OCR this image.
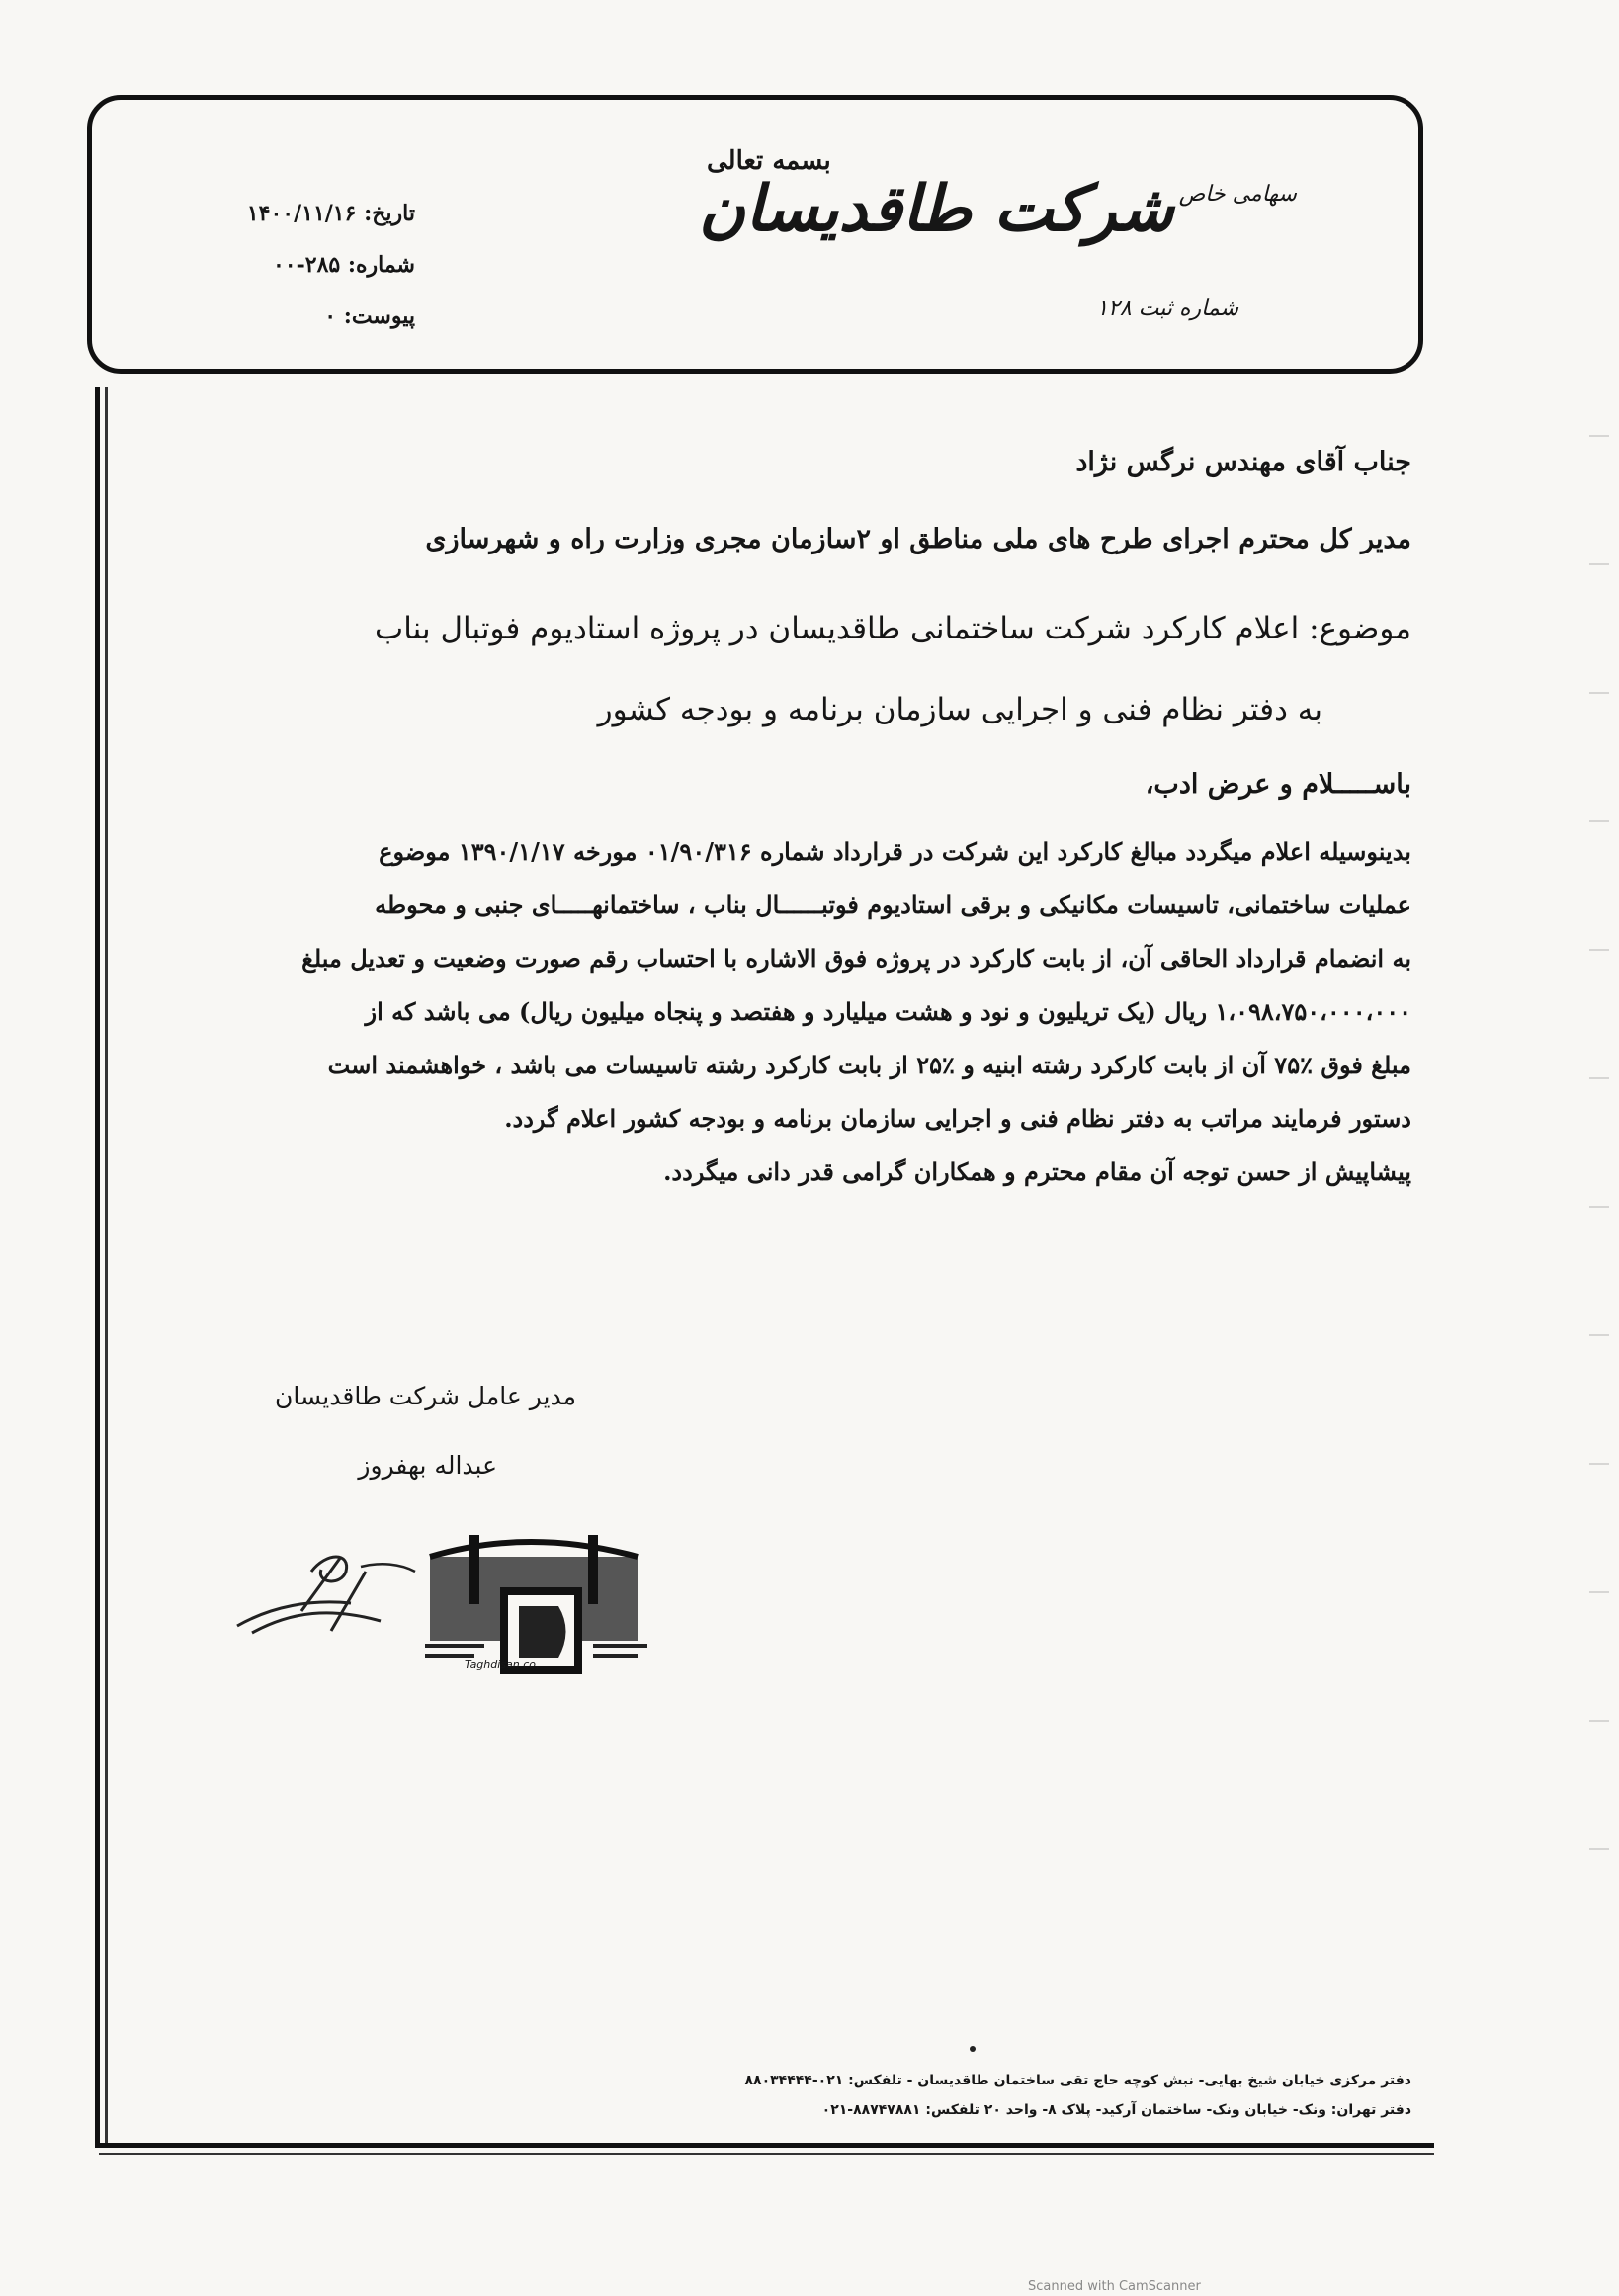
بسمه تعالی
سهامی خاص شرکت طاقدیسان
شماره ثبت ۱۲۸
تاریخ: ۱۴۰۰/۱۱/۱۶
شماره: ۲۸۵-۰۰
پیوست: ۰
جناب آقای مهندس نرگس نژاد
مدیر کل محترم اجرای طرح های ملی مناطق او ۲سازمان مجری وزارت راه و شهرسازی
موضوع: اعلام کارکرد شرکت ساختمانی طاقدیسان در پروژه استادیوم فوتبال بناب
به دفتر نظام فنی و اجرایی سازمان برنامه و بودجه کشور
باســـــلام و عرض ادب،

بدینوسیله اعلام میگردد مبالغ کارکرد این شرکت در قرارداد شماره ۰۱/۹۰/۳۱۶ مورخه ۱۳۹۰/۱/۱۷ موضوع

عملیات ساختمانی، تاسیسات مکانیکی و برقی استادیوم فوتبــــــال بناب ، ساختمانهـــــای جنبی و محوطه

به انضمام قرارداد الحاقی آن، از بابت کارکرد در پروژه فوق الاشاره با احتساب رقم صورت وضعیت و تعدیل مبلغ

۱،۰۹۸،۷۵۰،۰۰۰،۰۰۰ ریال (یک تریلیون و نود و هشت میلیارد و هفتصد و پنجاه میلیون ریال) می باشد که از

مبلغ فوق ٪۷۵ آن از بابت کارکرد رشته ابنیه و ٪۲۵ از بابت کارکرد رشته تاسیسات می باشد ، خواهشمند است

دستور فرمایند مراتب به دفتر نظام فنی و اجرایی سازمان برنامه و بودجه کشور اعلام گردد.

پیشاپیش از حسن توجه آن مقام محترم و همکاران گرامی قدر دانی میگردد.

مدیر عامل شرکت طاقدیسان
عبداله بهفروز
Taghdisan co.
دفتر مرکزی خیابان شیخ بهایی- نبش کوچه حاج تقی ساختمان طاقدیسان - تلفکس: ۰۲۱-۸۸۰۳۴۴۴۴
دفتر تهران: ونک- خیابان ونک- ساختمان آرکید- پلاک ۸- واحد ۲۰ تلفکس: ۸۸۷۴۷۸۸۱-۰۲۱
Scanned with CamScanner
